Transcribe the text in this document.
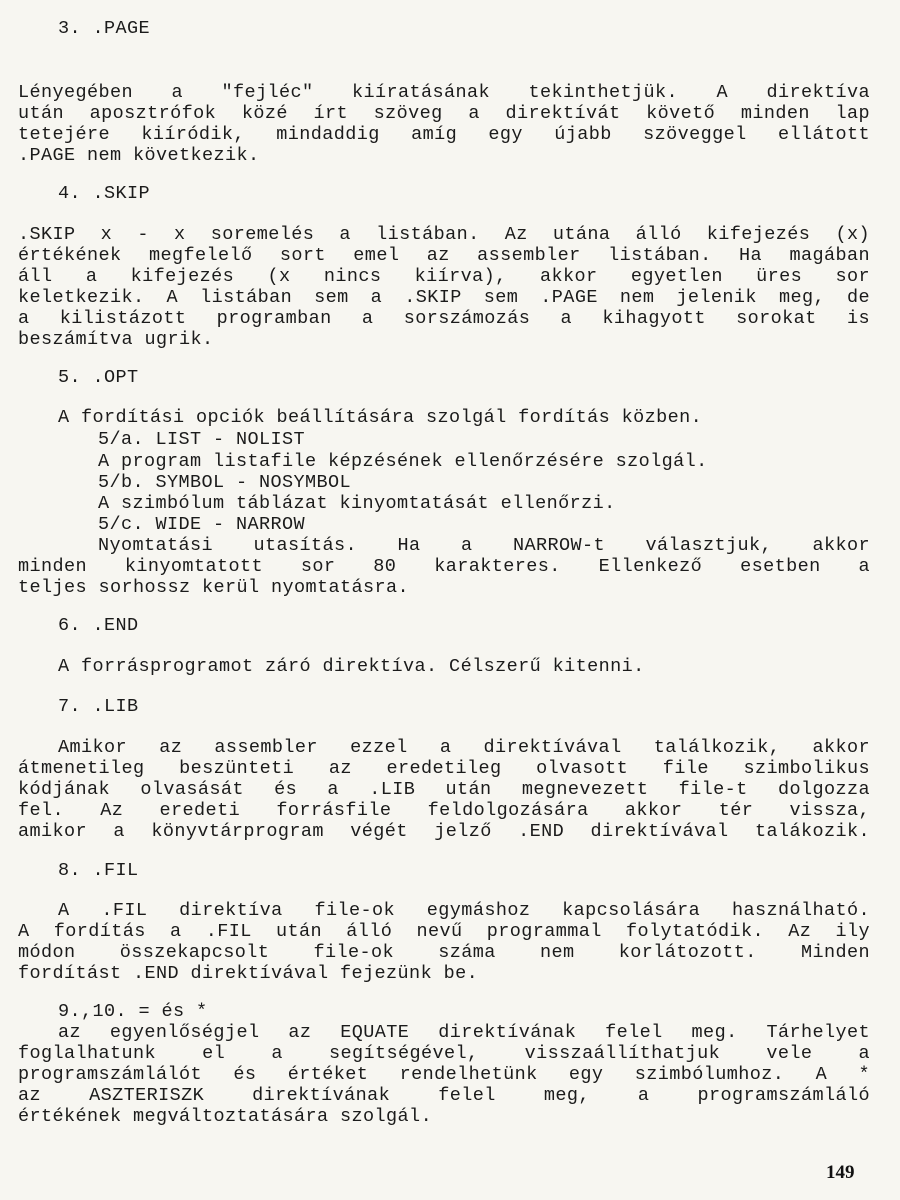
3. .PAGE
Lényegében a "fejléc" kiíratásának tekinthetjük. A direktíva
után aposztrófok közé írt szöveg a direktívát követő minden lap
tetejére kiíródik, mindaddig amíg egy újabb szöveggel ellátott
.PAGE nem következik.
4. .SKIP
.SKIP x - x soremelés a listában. Az utána álló kifejezés (x)
értékének megfelelő sort emel az assembler listában. Ha magában
áll a kifejezés (x nincs kiírva), akkor egyetlen üres sor
keletkezik. A listában sem a .SKIP sem .PAGE nem jelenik meg, de
a kilistázott programban a sorszámozás a kihagyott sorokat is
beszámítva ugrik.
5. .OPT
A fordítási opciók beállítására szolgál fordítás közben.
5/a. LIST - NOLIST
A program listafile képzésének ellenőrzésére szolgál.
5/b. SYMBOL - NOSYMBOL
A szimbólum táblázat kinyomtatását ellenőrzi.
5/c. WIDE - NARROW
Nyomtatási utasítás. Ha a NARROW-t választjuk, akkor
minden kinyomtatott sor 80 karakteres. Ellenkező esetben a
teljes sorhossz kerül nyomtatásra.
6. .END
A forrásprogramot záró direktíva. Célszerű kitenni.
7. .LIB
Amikor az assembler ezzel a direktívával találkozik, akkor
átmenetileg beszünteti az eredetileg olvasott file szimbolikus
kódjának olvasását és a .LIB után megnevezett file-t dolgozza
fel. Az eredeti forrásfile feldolgozására akkor tér vissza,
amikor a könyvtárprogram végét jelző .END direktívával talákozik.
8. .FIL
A .FIL direktíva file-ok egymáshoz kapcsolására használható.
A fordítás a .FIL után álló nevű programmal folytatódik. Az ily
módon összekapcsolt file-ok száma nem korlátozott. Minden
fordítást .END direktívával fejezünk be.
9.,10. = és *
az egyenlőségjel az EQUATE direktívának felel meg. Tárhelyet
foglalhatunk el a segítségével, visszaállíthatjuk vele a
programszámlálót és értéket rendelhetünk egy szimbólumhoz. A *
az ASZTERISZK direktívának felel meg, a programszámláló
értékének megváltoztatására szolgál.
149
